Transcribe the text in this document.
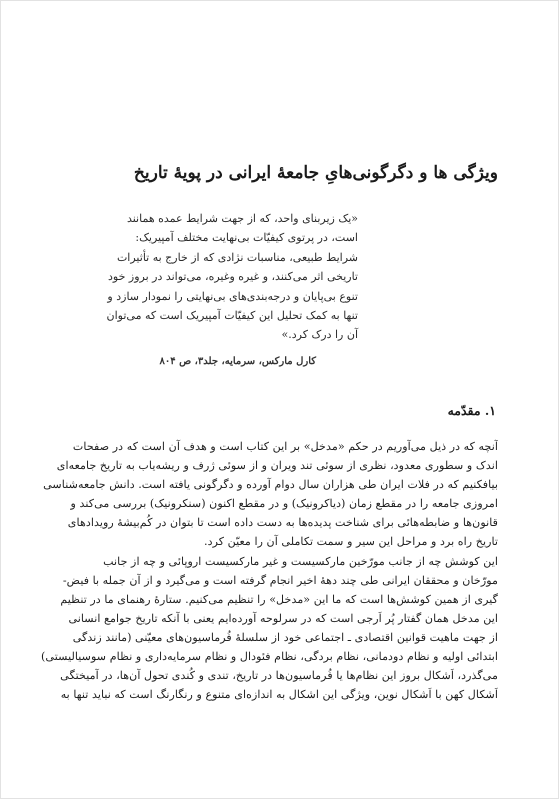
ویژگی ها و دگرگونی‌هایِ جامعهٔ ایرانی در پویهٔ تاریخ
«یک زیربنای واحد، که از جهت شرایط عمده همانند
است، در پرتوی کیفیّات بی‌نهایت مختلف آمپیریک:
شرایط طبیعی، مناسبات نژادی که از خارج به تأثیرات
تاریخی اثر می‌کنند، و غیره وغیره، می‌تواند در بروز خود
تنوع بی‌پایان و درجه‌بندی‌های بی‌نهایتی را نمودار سازد و
تنها به کمک تحلیل این کیفیّات آمپیریک است که می‌توان
آن را درک کرد.»
کارل مارکس، سرمایه، جلد۳، ص ۸۰۴
۱. مقدّمه
آنچه که در ذیل می‌آوریم در حکم «مدخل» بر این کتاب است و هدف آن است که در صفحات
اندک و سطوری معدود، نظری از سوئی تند ویران و از سوئی ژرف و ریشه‌یاب به تاریخ جامعه‌ای
بیافکنیم که در فلات ایران طی هزاران سال دوام آورده و دگرگونی یافته است. دانش جامعه‌شناسی
امروزی جامعه را در مقطع زمان (دیاکرونیک) و در مقطع اکنون (سنکرونیک) بررسی می‌کند و
قانون‌ها و ضابطه‌هائی برای شناخت پدیده‌ها به دست داده است تا بتوان در کُم‌بیشهٔ رویدادهای
تاریخ راه برد و مراحل این سیر و سمت تکاملی آن را معیّن کرد.
این کوشش چه از جانب مورّخین مارکسیست و غیر مارکسیست اروپائی و چه از جانب
مورّخان و محققان ایرانی طی چند دههٔ اخیر انجام گرفته است و می‌گیرد و از آن جمله با فیض-
گیری از همین کوشش‌ها است که ما این «مدخل» را تنظیم می‌کنیم. ستارهٔ رهنمای ما در تنظیم
این مدخل همان گفتار پُر اَرجی است که در سرلوحه آورده‌ایم یعنی با آنکه تاریخ جوامع انسانی
از جهت ماهیت قوانین اقتصادی ـ اجتماعی خود از سلسلهٔ فُرماسیون‌های معیّنی (مانند زندگی
ابتدائی اولیه و نظام دودمانی، نظام بردگی، نظام فئودال و نظام سرمایه‌داری و نظام سوسیالیستی)
می‌گذرد، اَشکال بروز این نظام‌ها یا فُرماسیون‌ها در تاریخ، تندی و کُندی تحول آن‌ها، در آمیختگی
اَشکال کهن با اَشکال نوین، ویژگی این اشکال به اندازه‌ای متنوع و رنگارنگ است که نباید تنها به
